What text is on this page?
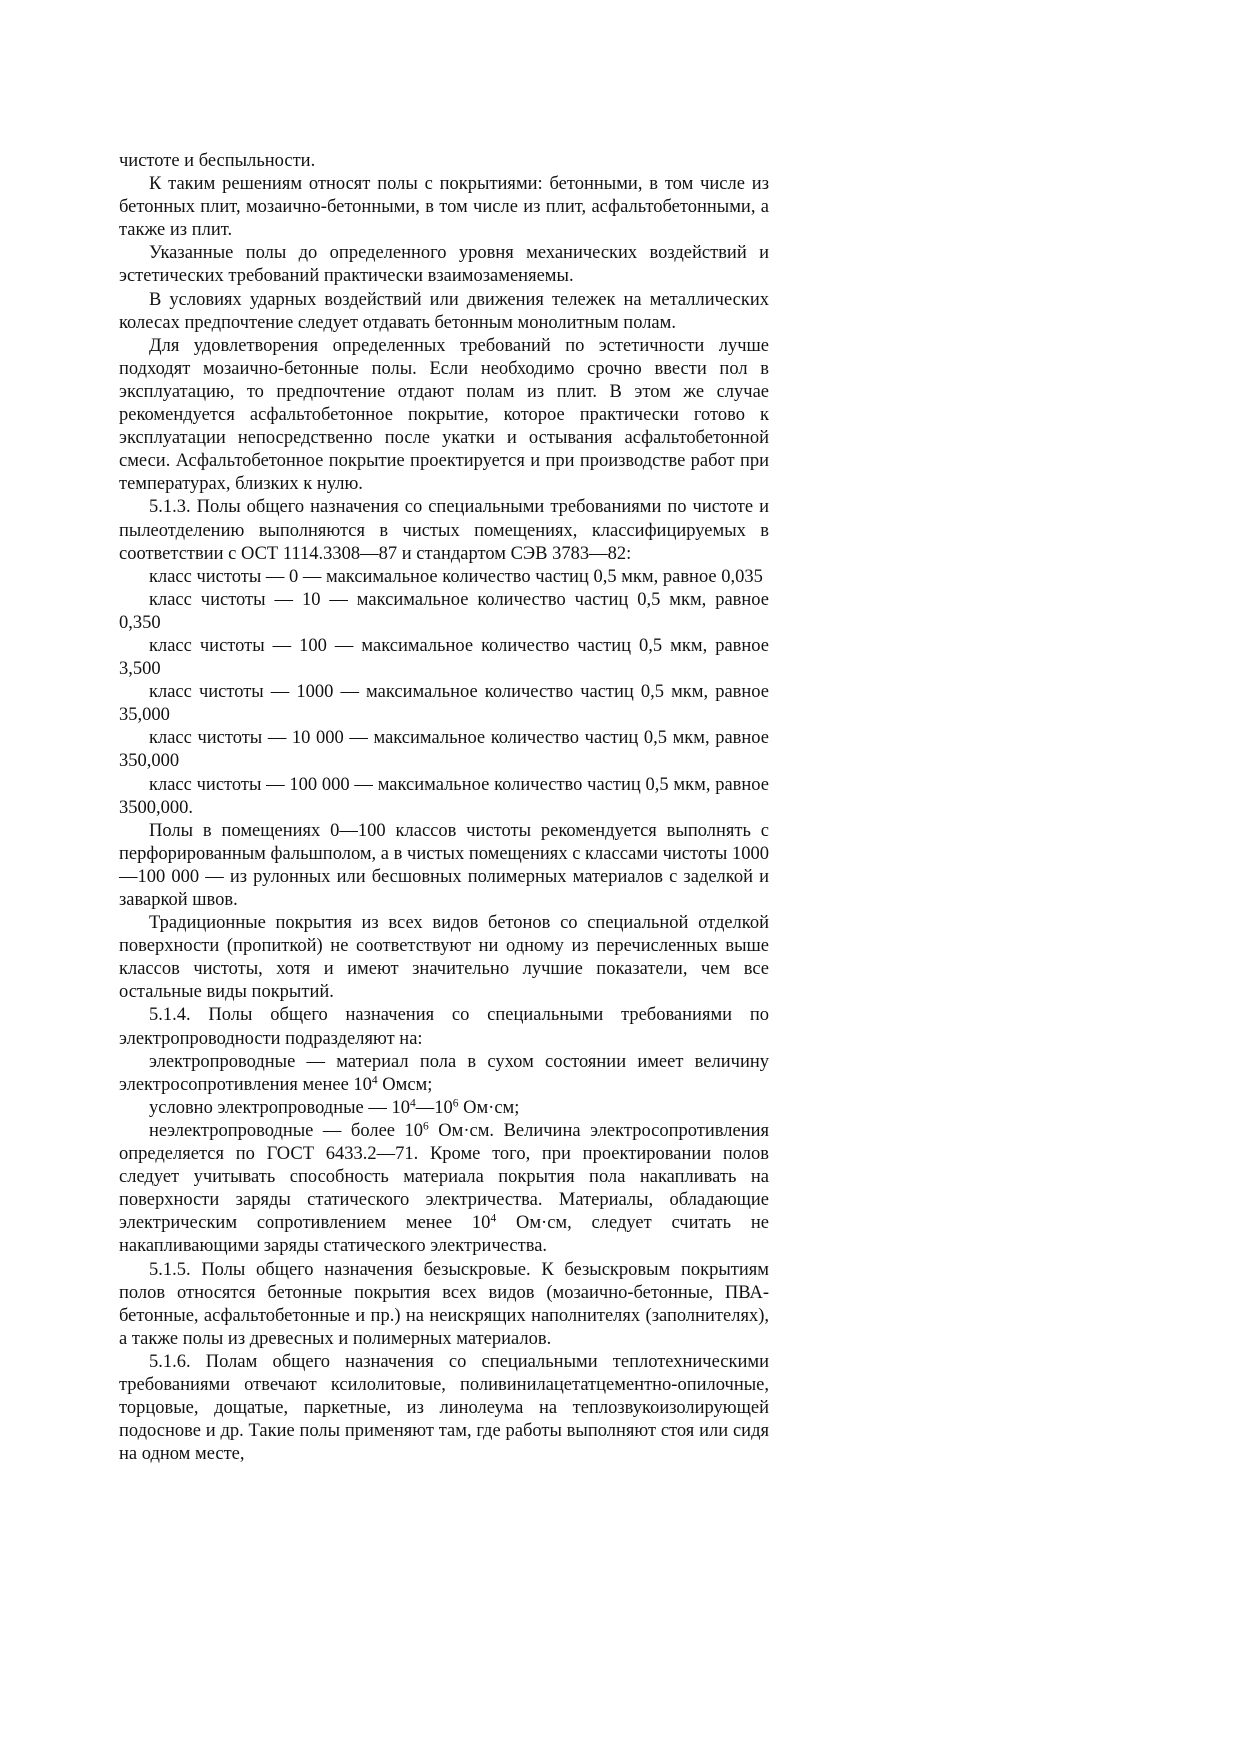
чистоте и беспыльности.

К таким решениям относят полы с покрытиями: бетонными, в том числе из бетонных плит, мозаично-бетонными, в том числе из плит, асфальтобетонными, а также из плит.

Указанные полы до определенного уровня механических воздействий и эстетических требований практически взаимозаменяемы.

В условиях ударных воздействий или движения тележек на металлических колесах предпочтение следует отдавать бетонным монолитным полам.

Для удовлетворения определенных требований по эстетичности лучше подходят мозаично-бетонные полы. Если необходимо срочно ввести пол в эксплуатацию, то предпочтение отдают полам из плит. В этом же случае рекомендуется асфальтобетонное покрытие, которое практически готово к эксплуатации непосредственно после укатки и остывания асфальтобетонной смеси. Асфальтобетонное покрытие проектируется и при производстве работ при температурах, близких к нулю.

5.1.3. Полы общего назначения со специальными требованиями по чистоте и пылеотделению выполняются в чистых помещениях, классифицируемых в соответствии с ОСТ 1114.3308—87 и стандартом СЭВ 3783—82:

класс чистоты — 0 — максимальное количество частиц 0,5 мкм, равное 0,035

класс чистоты — 10 — максимальное количество частиц 0,5 мкм, равное 0,350

класс чистоты — 100 — максимальное количество частиц 0,5 мкм, равное 3,500

класс чистоты — 1000 — максимальное количество частиц 0,5 мкм, равное 35,000

класс чистоты — 10 000 — максимальное количество частиц 0,5 мкм, равное 350,000

класс чистоты — 100 000 — максимальное количество частиц 0,5 мкм, равное 3500,000.

Полы в помещениях 0—100 классов чистоты рекомендуется выполнять с перфорированным фальшполом, а в чистых помещениях с классами чистоты 1000—100 000 — из рулонных или бесшовных полимерных материалов с заделкой и заваркой швов.

Традиционные покрытия из всех видов бетонов со специальной отделкой поверхности (пропиткой) не соответствуют ни одному из перечисленных выше классов чистоты, хотя и имеют значительно лучшие показатели, чем все остальные виды покрытий.

5.1.4. Полы общего назначения со специальными требованиями по электропроводности подразделяют на:

электропроводные — материал пола в сухом состоянии имеет величину электросопротивления менее $10^4$ Омсм;

условно электропроводные — $10^4—10^6$ Ом·см;

неэлектропроводные — более $10^6$ Ом·см. Величина электросопротивления определяется по ГОСТ 6433.2—71. Кроме того, при проектировании полов следует учитывать способность материала покрытия пола накапливать на поверхности заряды статического электричества. Материалы, обладающие электрическим сопротивлением менее $10^4$ Ом·см, следует считать не накапливающими заряды статического электричества.

5.1.5. Полы общего назначения безыскровые. К безыскровым покрытиям полов относятся бетонные покрытия всех видов (мозаично-бетонные, ПВА-бетонные, асфальтобетонные и пр.) на неискрящих наполнителях (заполнителях), а также полы из древесных и полимерных материалов.

5.1.6. Полам общего назначения со специальными теплотехническими требованиями отвечают ксилолитовые, поливинилацетатцементно-опилочные, торцовые, дощатые, паркетные, из линолеума на теплозвукоизолирующей подоснове и др. Такие полы применяют там, где работы выполняют стоя или сидя на одном месте,
